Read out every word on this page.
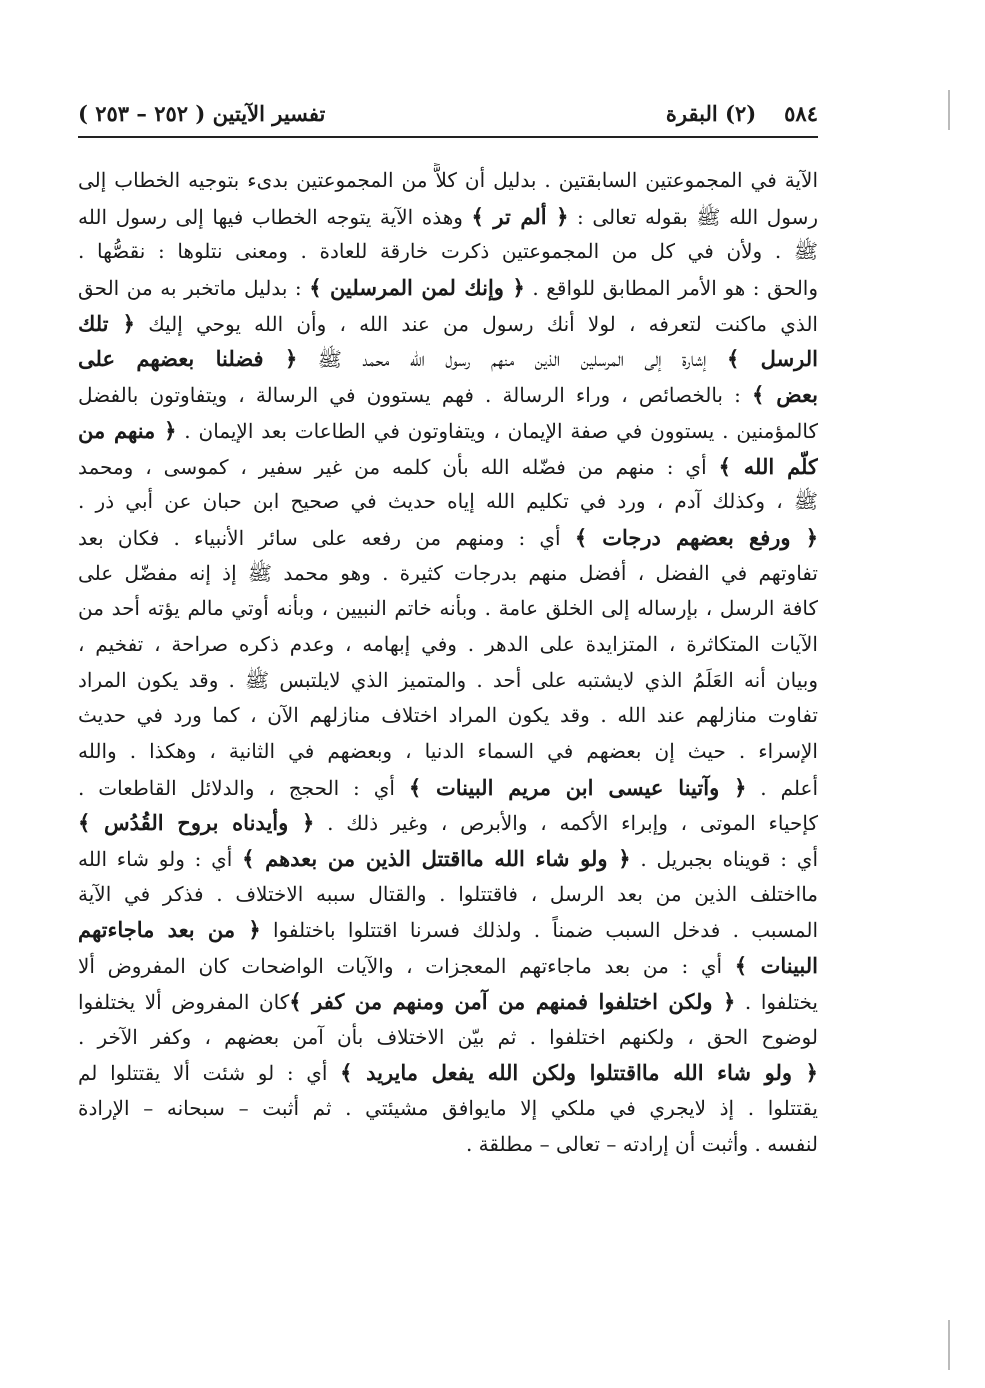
٥٨٤
(٢) البقرة
تفسير الآيتين ( ٢٥٢ – ٢٥٣ )
الآية في المجموعتين السابقتين . بدليل أن كلاًّ من المجموعتين بدىء بتوجيه الخطاب إلى
رسول الله ﷺ بقوله تعالى : ﴿ ألم تر ﴾ وهذه الآية يتوجه الخطاب فيها إلى رسول الله
ﷺ . ولأن في كل من المجموعتين ذكرت خارقة للعادة . ومعنى نتلوها : نقصُّها .
والحق : هو الأمر المطابق للواقع . ﴿ وإنك لمن المرسلين ﴾ : بدليل ماتخبر به من الحق
الذي ماكنت لتعرفه ، لولا أنك رسول من عند الله ، وأن الله يوحي إليك ﴿ تلك
الرسل ﴾ إشارة إلى المرسلين الذين منهم رسول الله محمد ﷺ ﴿ فضلنا بعضهم على
بعض ﴾ : بالخصائص ، وراء الرسالة . فهم يستوون في الرسالة ، ويتفاوتون بالفضل
كالمؤمنين . يستوون في صفة الإيمان ، ويتفاوتون في الطاعات بعد الإيمان . ﴿ منهم من
كلّم الله ﴾ أي : منهم من فضّله الله بأن كلمه من غير سفير ، كموسى ، ومحمد
ﷺ ، وكذلك آدم ، ورد في تكليم الله إياه حديث في صحيح ابن حبان عن أبي ذر .
﴿ ورفع بعضهم درجات ﴾ أي : ومنهم من رفعه على سائر الأنبياء . فكان بعد
تفاوتهم في الفضل ، أفضل منهم بدرجات كثيرة . وهو محمد ﷺ إذ إنه مفضّل على
كافة الرسل ، بإرساله إلى الخلق عامة . وبأنه خاتم النبيين ، وبأنه أوتي مالم يؤته أحد من
الآيات المتكاثرة ، المتزايدة على الدهر . وفي إبهامه ، وعدم ذكره صراحة ، تفخيم ،
وبيان أنه العَلَمُ الذي لايشتبه على أحد . والمتميز الذي لايلتبس ﷺ . وقد يكون المراد
تفاوت منازلهم عند الله . وقد يكون المراد اختلاف منازلهم الآن ، كما ورد في حديث
الإسراء . حيث إن بعضهم في السماء الدنيا ، وبعضهم في الثانية ، وهكذا . والله
أعلم . ﴿ وآتينا عيسى ابن مريم البينات ﴾ أي : الحجج ، والدلائل القاطعات .
كإحياء الموتى ، وإبراء الأكمه ، والأبرص ، وغير ذلك . ﴿ وأيدناه بروح القُدُس ﴾
أي : قويناه بجبريل . ﴿ ولو شاء الله مااقتتل الذين من بعدهم ﴾ أي : ولو شاء الله
مااختلف الذين من بعد الرسل ، فاقتتلوا . والقتال سببه الاختلاف . فذكر في الآية
المسبب . فدخل السبب ضمناً . ولذلك فسرنا اقتتلوا باختلفوا ﴿ من بعد ماجاءتهم
البينات ﴾ أي : من بعد ماجاءتهم المعجزات ، والآيات الواضحات كان المفروض ألا
يختلفوا . ﴿ ولكن اختلفوا فمنهم من آمن ومنهم من كفر ﴾كان المفروض ألا يختلفوا
لوضوح الحق ، ولكنهم اختلفوا . ثم بيّن الاختلاف بأن آمن بعضهم ، وكفر الآخر .
﴿ ولو شاء الله مااقتتلوا ولكن الله يفعل مايريد ﴾ أي : لو شئت ألا يقتتلوا لم
يقتتلوا . إذ لايجري في ملكي إلا مايوافق مشيئتي . ثم أثبت – سبحانه – الإرادة
لنفسه . وأثبت أن إرادته – تعالى – مطلقة .
